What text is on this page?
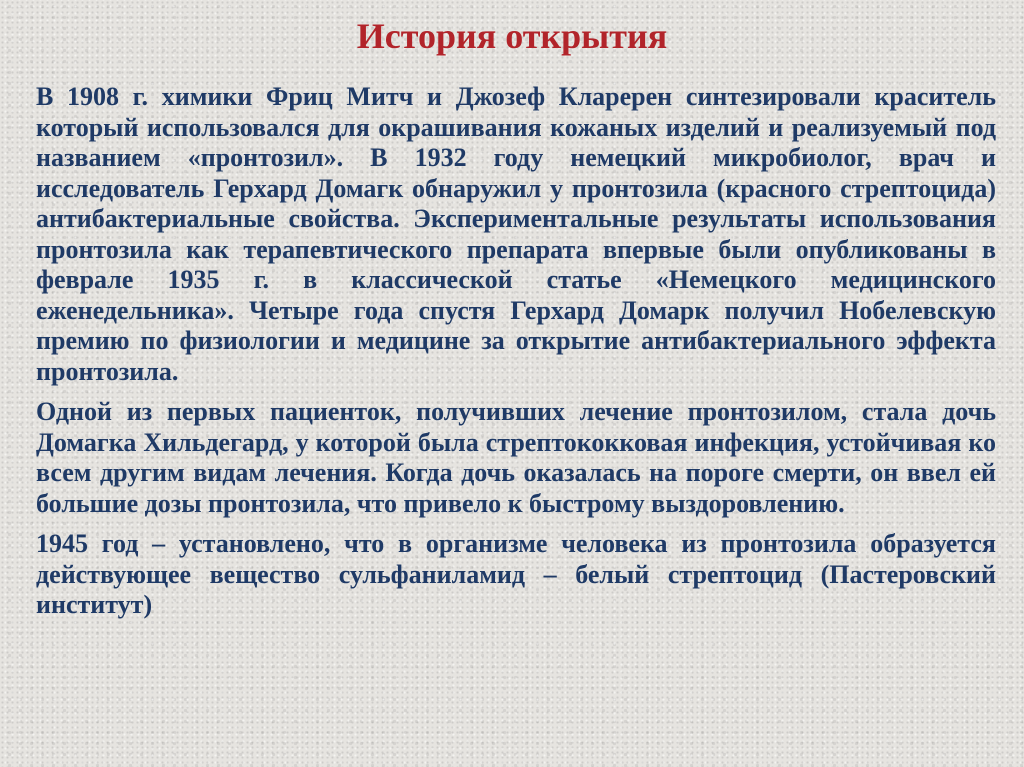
История открытия

В 1908 г. химики Фриц Митч и Джозеф Кларерен синтезировали краситель который использовался для окрашивания кожаных изделий и реализуемый под названием «пронтозил». В 1932 году немецкий микробиолог, врач и исследователь Герхард Домагк обнаружил у пронтозила (красного стрептоцида) антибактериальные свойства. Экспериментальные результаты использования пронтозила как терапевтического препарата впервые были опубликованы в феврале 1935 г. в классической статье «Немецкого медицинского еженедельника». Четыре года спустя Герхард Домарк получил Нобелевскую премию по физиологии и медицине за открытие антибактериального эффекта пронтозила.

Одной из первых пациенток, получивших лечение пронтозилом, стала дочь Домагка Хильдегард, у которой была стрептококковая инфекция, устойчивая ко всем другим видам лечения. Когда дочь оказалась на пороге смерти, он ввел ей большие дозы пронтозила, что привело к быстрому выздоровлению.

1945 год – установлено, что в организме человека из пронтозила образуется действующее вещество сульфаниламид – белый стрептоцид (Пастеровский институт)
